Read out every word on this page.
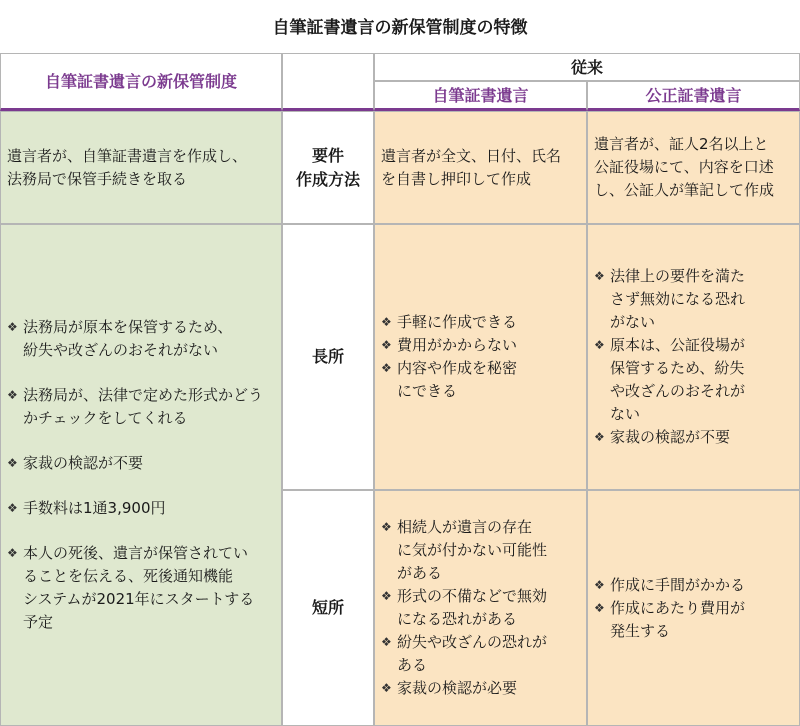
自筆証書遺言の新保管制度の特徴
自筆証書遺言の新保管制度
従来
自筆証書遺言	公正証書遺言
遺言者が、自筆証書遺言を作成し、
法務局で保管手続きを取る
要件
作成方法
遺言者が全文、日付、氏名
を自書し押印して作成
遺言者が、証人2名以上と
公証役場にて、内容を口述
し、公証人が筆記して作成
❖ 法務局が原本を保管するため、
紛失や改ざんのおそれがない
❖ 法務局が、法律で定めた形式かどう
かチェックをしてくれる
❖ 家裁の検認が不要
❖ 手数料は1通3,900円
❖ 本人の死後、遺言が保管されてい
ることを伝える、死後通知機能
システムが2021年にスタートする
予定
長所
❖ 手軽に作成できる
❖ 費用がかからない
❖ 内容や作成を秘密
にできる
❖ 法律上の要件を満た
さず無効になる恐れ
がない
❖ 原本は、公証役場が
保管するため、紛失
や改ざんのおそれが
ない
❖ 家裁の検認が不要
短所
❖ 相続人が遺言の存在
に気が付かない可能性
がある
❖ 形式の不備などで無効
になる恐れがある
❖ 紛失や改ざんの恐れが
ある
❖ 家裁の検認が必要
❖ 作成に手間がかかる
❖ 作成にあたり費用が
発生する
